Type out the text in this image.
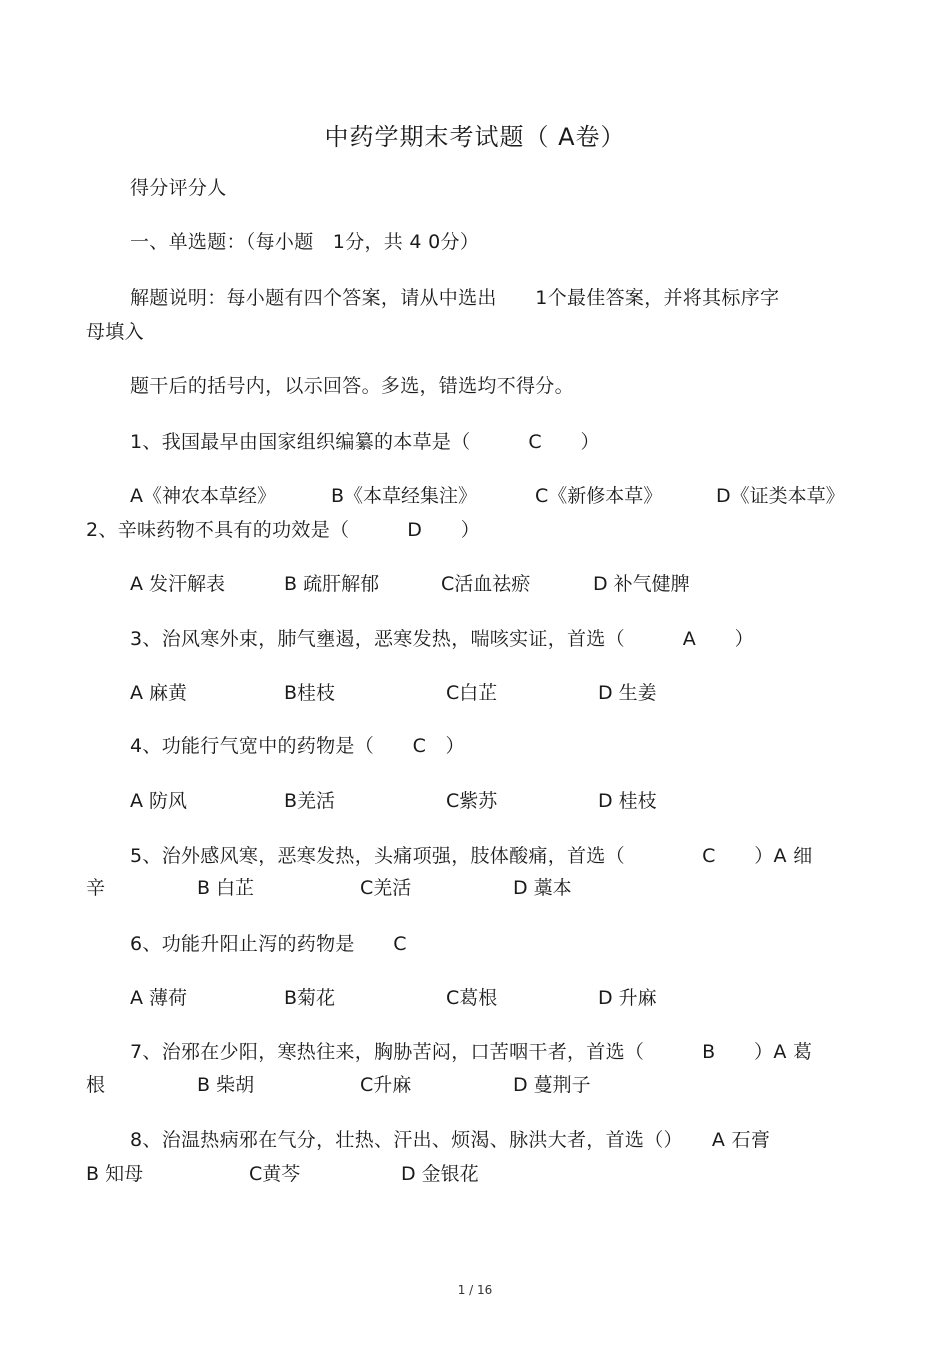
中药学期末考试题（ A卷）
得分评分人
一、单选题：（每小题　1分，共 4 0分）
解题说明：每小题有四个答案，请从中选出　　1个最佳答案，并将其标序字
母填入
题干后的括号内，以示回答。多选，错选均不得分。
1、我国最早由国家组织编纂的本草是（　　　C　　）
A《神农本草经》	B《本草经集注》	C《新修本草》	D《证类本草》
2、辛味药物不具有的功效是（　　　D　　）
A 发汗解表	B 疏肝解郁	C活血祛瘀	D 补气健脾
3、治风寒外束，肺气壅遏，恶寒发热，喘咳实证，首选（　　　A　　）
A 麻黄	B桂枝	C白芷	D 生姜
4、功能行气宽中的药物是（　　C　）
A 防风	B羌活	C紫苏	D 桂枝
5、治外感风寒，恶寒发热，头痛项强，肢体酸痛，首选（　　　　C　　）A 细
辛	B 白芷	C羌活	D 藁本
6、功能升阳止泻的药物是　　C
A 薄荷	B菊花	C葛根	D 升麻
7、治邪在少阳，寒热往来，胸胁苦闷，口苦咽干者，首选（　　　B　　）A 葛
根	B 柴胡	C升麻	D 蔓荆子
8、治温热病邪在气分，壮热、汗出、烦渴、脉洪大者，首选（）　　A 石膏
B 知母	C黄芩	D 金银花
1 / 16
